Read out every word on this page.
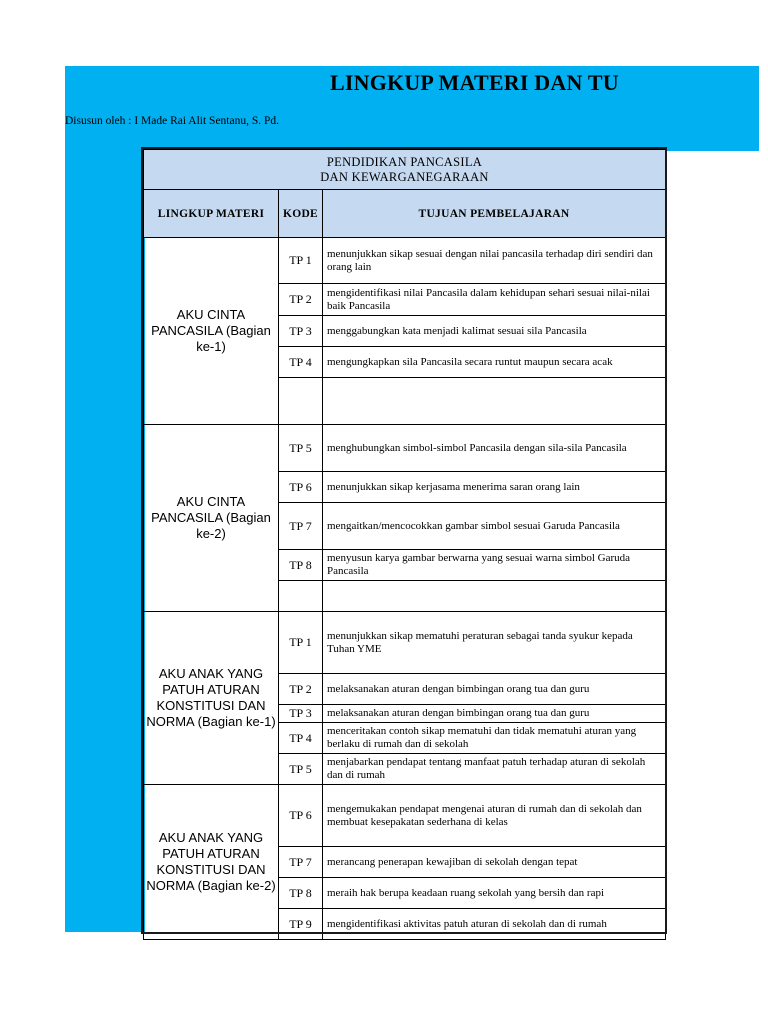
LINGKUP MATERI DAN TU
Disusun oleh : I Made Rai Alit Sentanu, S. Pd.
PENDIDIKAN PANCASILA
DAN KEWARGANEGARAAN		

LINGKUP MATERI	KODE	TUJUAN PEMBELAJARAN
AKU CINTA PANCASILA (Bagian ke-1)	TP 1	menunjukkan sikap sesuai dengan nilai pancasila terhadap diri sendiri dan orang lain
	TP 2	mengidentifikasi nilai Pancasila dalam kehidupan sehari sesuai nilai-nilai baik Pancasila
	TP 3	menggabungkan kata menjadi kalimat sesuai sila Pancasila
	TP 4	mengungkapkan sila Pancasila secara runtut maupun secara acak

AKU CINTA PANCASILA (Bagian ke-2)	TP 5	menghubungkan simbol-simbol Pancasila dengan sila-sila Pancasila
	TP 6	menunjukkan sikap kerjasama menerima saran orang lain
	TP 7	mengaitkan/mencocokkan gambar simbol sesuai Garuda Pancasila
	TP 8	menyusun karya gambar berwarna yang sesuai warna simbol Garuda Pancasila

AKU ANAK YANG PATUH ATURAN KONSTITUSI DAN NORMA (Bagian ke-1)	TP 1	menunjukkan sikap mematuhi peraturan sebagai tanda syukur kepada Tuhan YME
	TP 2	melaksanakan aturan dengan bimbingan orang tua dan guru
	TP 3	melaksanakan aturan dengan bimbingan orang tua dan guru
	TP 4	menceritakan contoh sikap mematuhi dan tidak mematuhi aturan yang berlaku di rumah dan di sekolah
	TP 5	menjabarkan pendapat tentang manfaat patuh terhadap aturan di sekolah dan di rumah
AKU ANAK YANG PATUH ATURAN KONSTITUSI DAN NORMA (Bagian ke-2)	TP 6	mengemukakan pendapat mengenai aturan di rumah dan di sekolah dan membuat kesepakatan sederhana di kelas
	TP 7	merancang penerapan kewajiban di sekolah dengan tepat
	TP 8	meraih hak berupa keadaan ruang sekolah yang bersih dan rapi
	TP 9	mengidentifikasi aktivitas patuh aturan di sekolah dan di rumah
